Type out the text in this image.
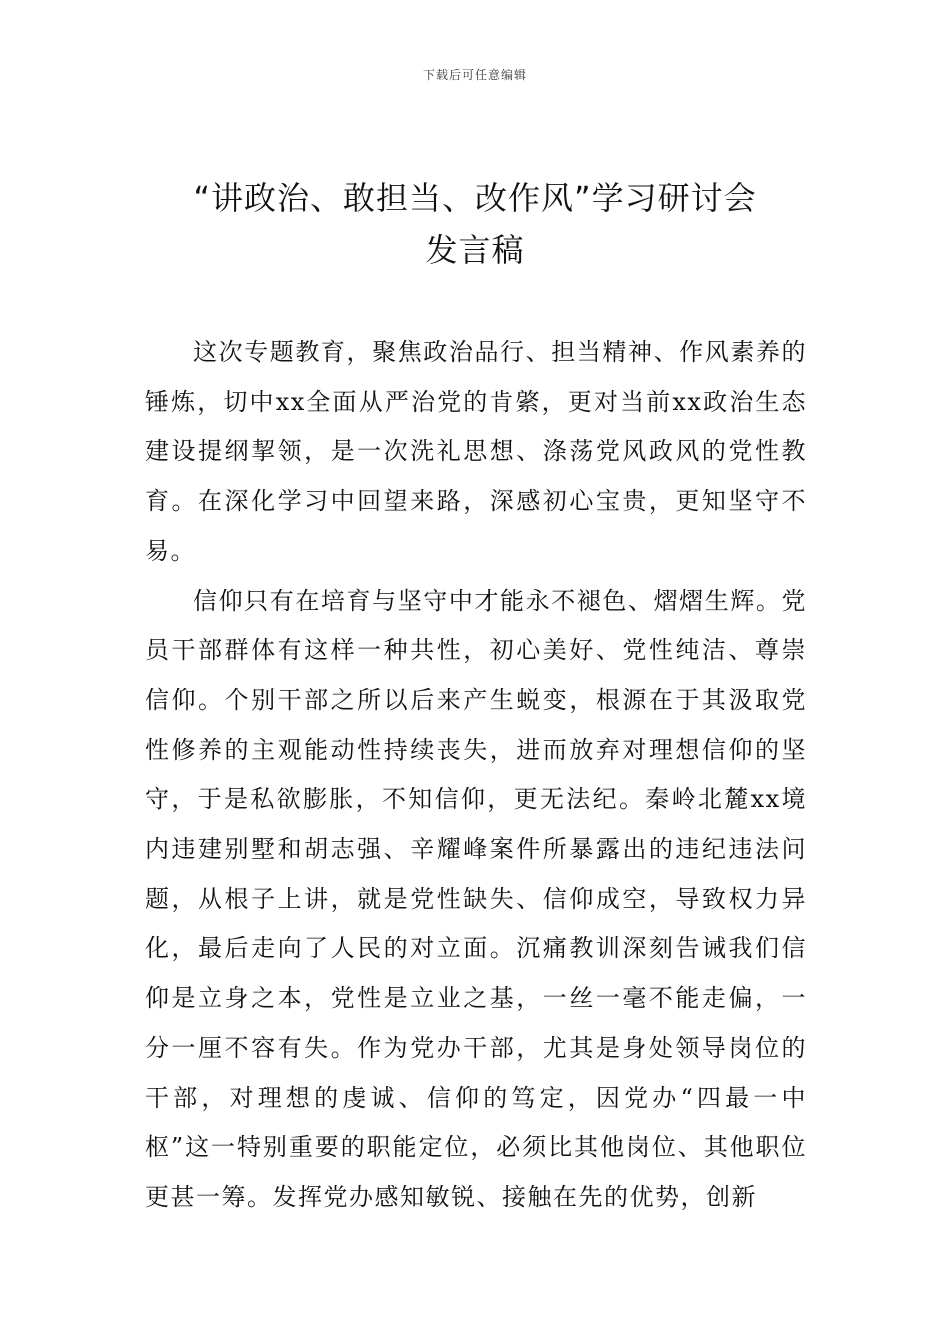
下载后可任意编辑
“讲政治、敢担当、改作风”学习研讨会
发言稿

这次专题教育，聚焦政治品行、担当精神、作风素养的锤炼，切中xx全面从严治党的肯綮，更对当前xx政治生态建设提纲挈领，是一次洗礼思想、涤荡党风政风的党性教育。在深化学习中回望来路，深感初心宝贵，更知坚守不易。

信仰只有在培育与坚守中才能永不褪色、熠熠生辉。党员干部群体有这样一种共性，初心美好、党性纯洁、尊崇信仰。个别干部之所以后来产生蜕变，根源在于其汲取党性修养的主观能动性持续丧失，进而放弃对理想信仰的坚守，于是私欲膨胀，不知信仰，更无法纪。秦岭北麓xx境内违建别墅和胡志强、辛耀峰案件所暴露出的违纪违法问题，从根子上讲，就是党性缺失、信仰成空，导致权力异化，最后走向了人民的对立面。沉痛教训深刻告诫我们信仰是立身之本，党性是立业之基，一丝一毫不能走偏，一分一厘不容有失。作为党办干部，尤其是身处领导岗位的干部，对理想的虔诚、信仰的笃定，因党办“四最一中枢”这一特别重要的职能定位，必须比其他岗位、其他职位更甚一筹。发挥党办感知敏锐、接触在先的优势，创新
